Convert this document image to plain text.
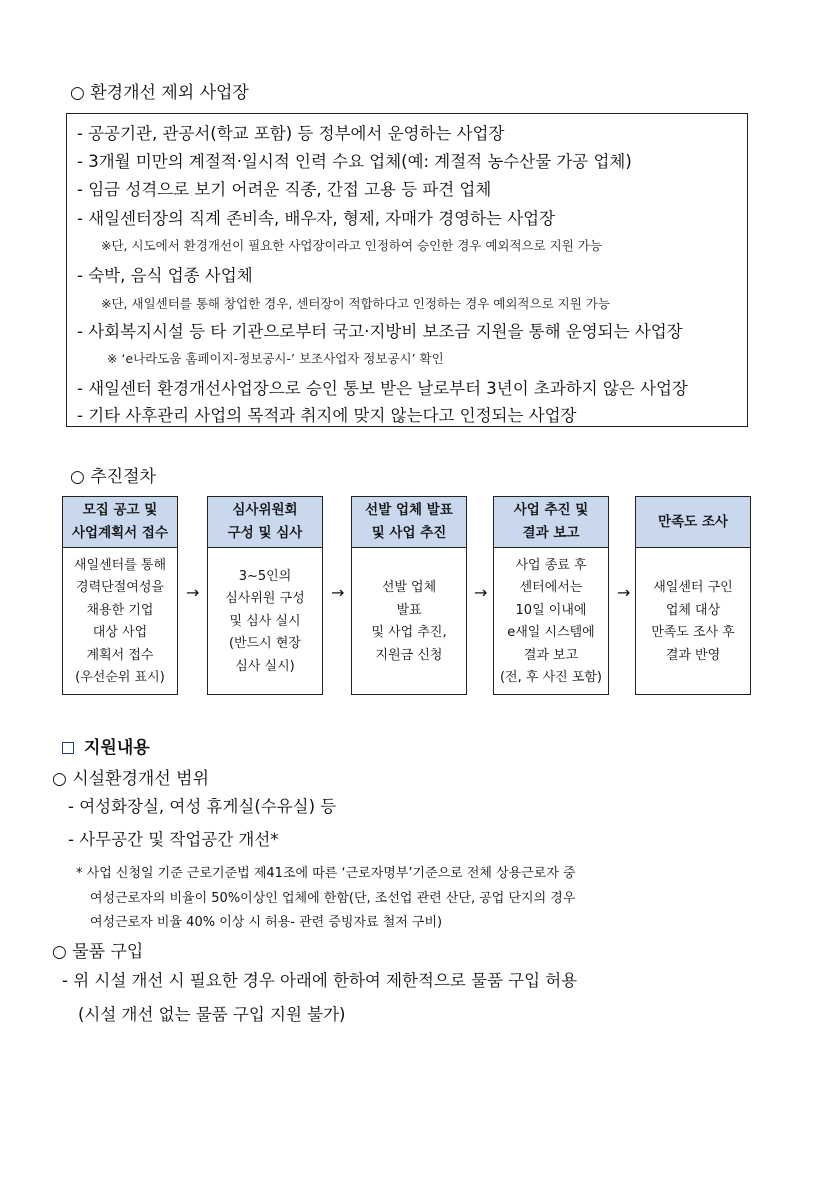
○ 환경개선 제외 사업장
- 공공기관, 관공서(학교 포함) 등 정부에서 운영하는 사업장
- 3개월 미만의 계절적·일시적 인력 수요 업체(예: 계절적 농수산물 가공 업체)
- 임금 성격으로 보기 어려운 직종, 간접 고용 등 파견 업체
- 새일센터장의 직계 존비속, 배우자, 형제, 자매가 경영하는 사업장
※단, 시도에서 환경개선이 필요한 사업장이라고 인정하여 승인한 경우 예외적으로 지원 가능
- 숙박, 음식 업종 사업체
※단, 새일센터를 통해 창업한 경우, 센터장이 적합하다고 인정하는 경우 예외적으로 지원 가능
- 사회복지시설 등 타 기관으로부터 국고·지방비 보조금 지원을 통해 운영되는 사업장
※ ‘e나라도움 홈페이지-정보공시-’ 보조사업자 정보공시’ 확인
- 새일센터 환경개선사업장으로 승인 통보 받은 날로부터 3년이 초과하지 않은 사업장
- 기타 사후관리 사업의 목적과 취지에 맞지 않는다고 인정되는 사업장
○ 추진절차
모집 공고 및
사업계획서 접수
새일센터를 통해
경력단절여성을
채용한 기업
대상 사업
계획서 접수
(우선순위 표시)
→
심사위원회
구성 및 심사
3~5인의
심사위원 구성
및 심사 실시
(반드시 현장
심사 실시)
→
선발 업체 발표
및 사업 추진
선발 업체
발표
및 사업 추진,
지원금 신청
→
사업 추진 및
결과 보고
사업 종료 후
센터에서는
10일 이내에
e새일 시스템에
결과 보고
(전, 후 사진 포함)
→
만족도 조사
새일센터 구인
업체 대상
만족도 조사 후
결과 반영
지원내용
○ 시설환경개선 범위
- 여성화장실, 여성 휴게실(수유실) 등
- 사무공간 및 작업공간 개선*
* 사업 신청일 기준 근로기준법 제41조에 따른 ‘근로자명부’기준으로 전체 상용근로자 중
여성근로자의 비율이 50%이상인 업체에 한함(단, 조선업 관련 산단, 공업 단지의 경우
여성근로자 비율 40% 이상 시 허용- 관련 증빙자료 철저 구비)
○ 물품 구입
- 위 시설 개선 시 필요한 경우 아래에 한하여 제한적으로 물품 구입 허용
(시설 개선 없는 물품 구입 지원 불가)
